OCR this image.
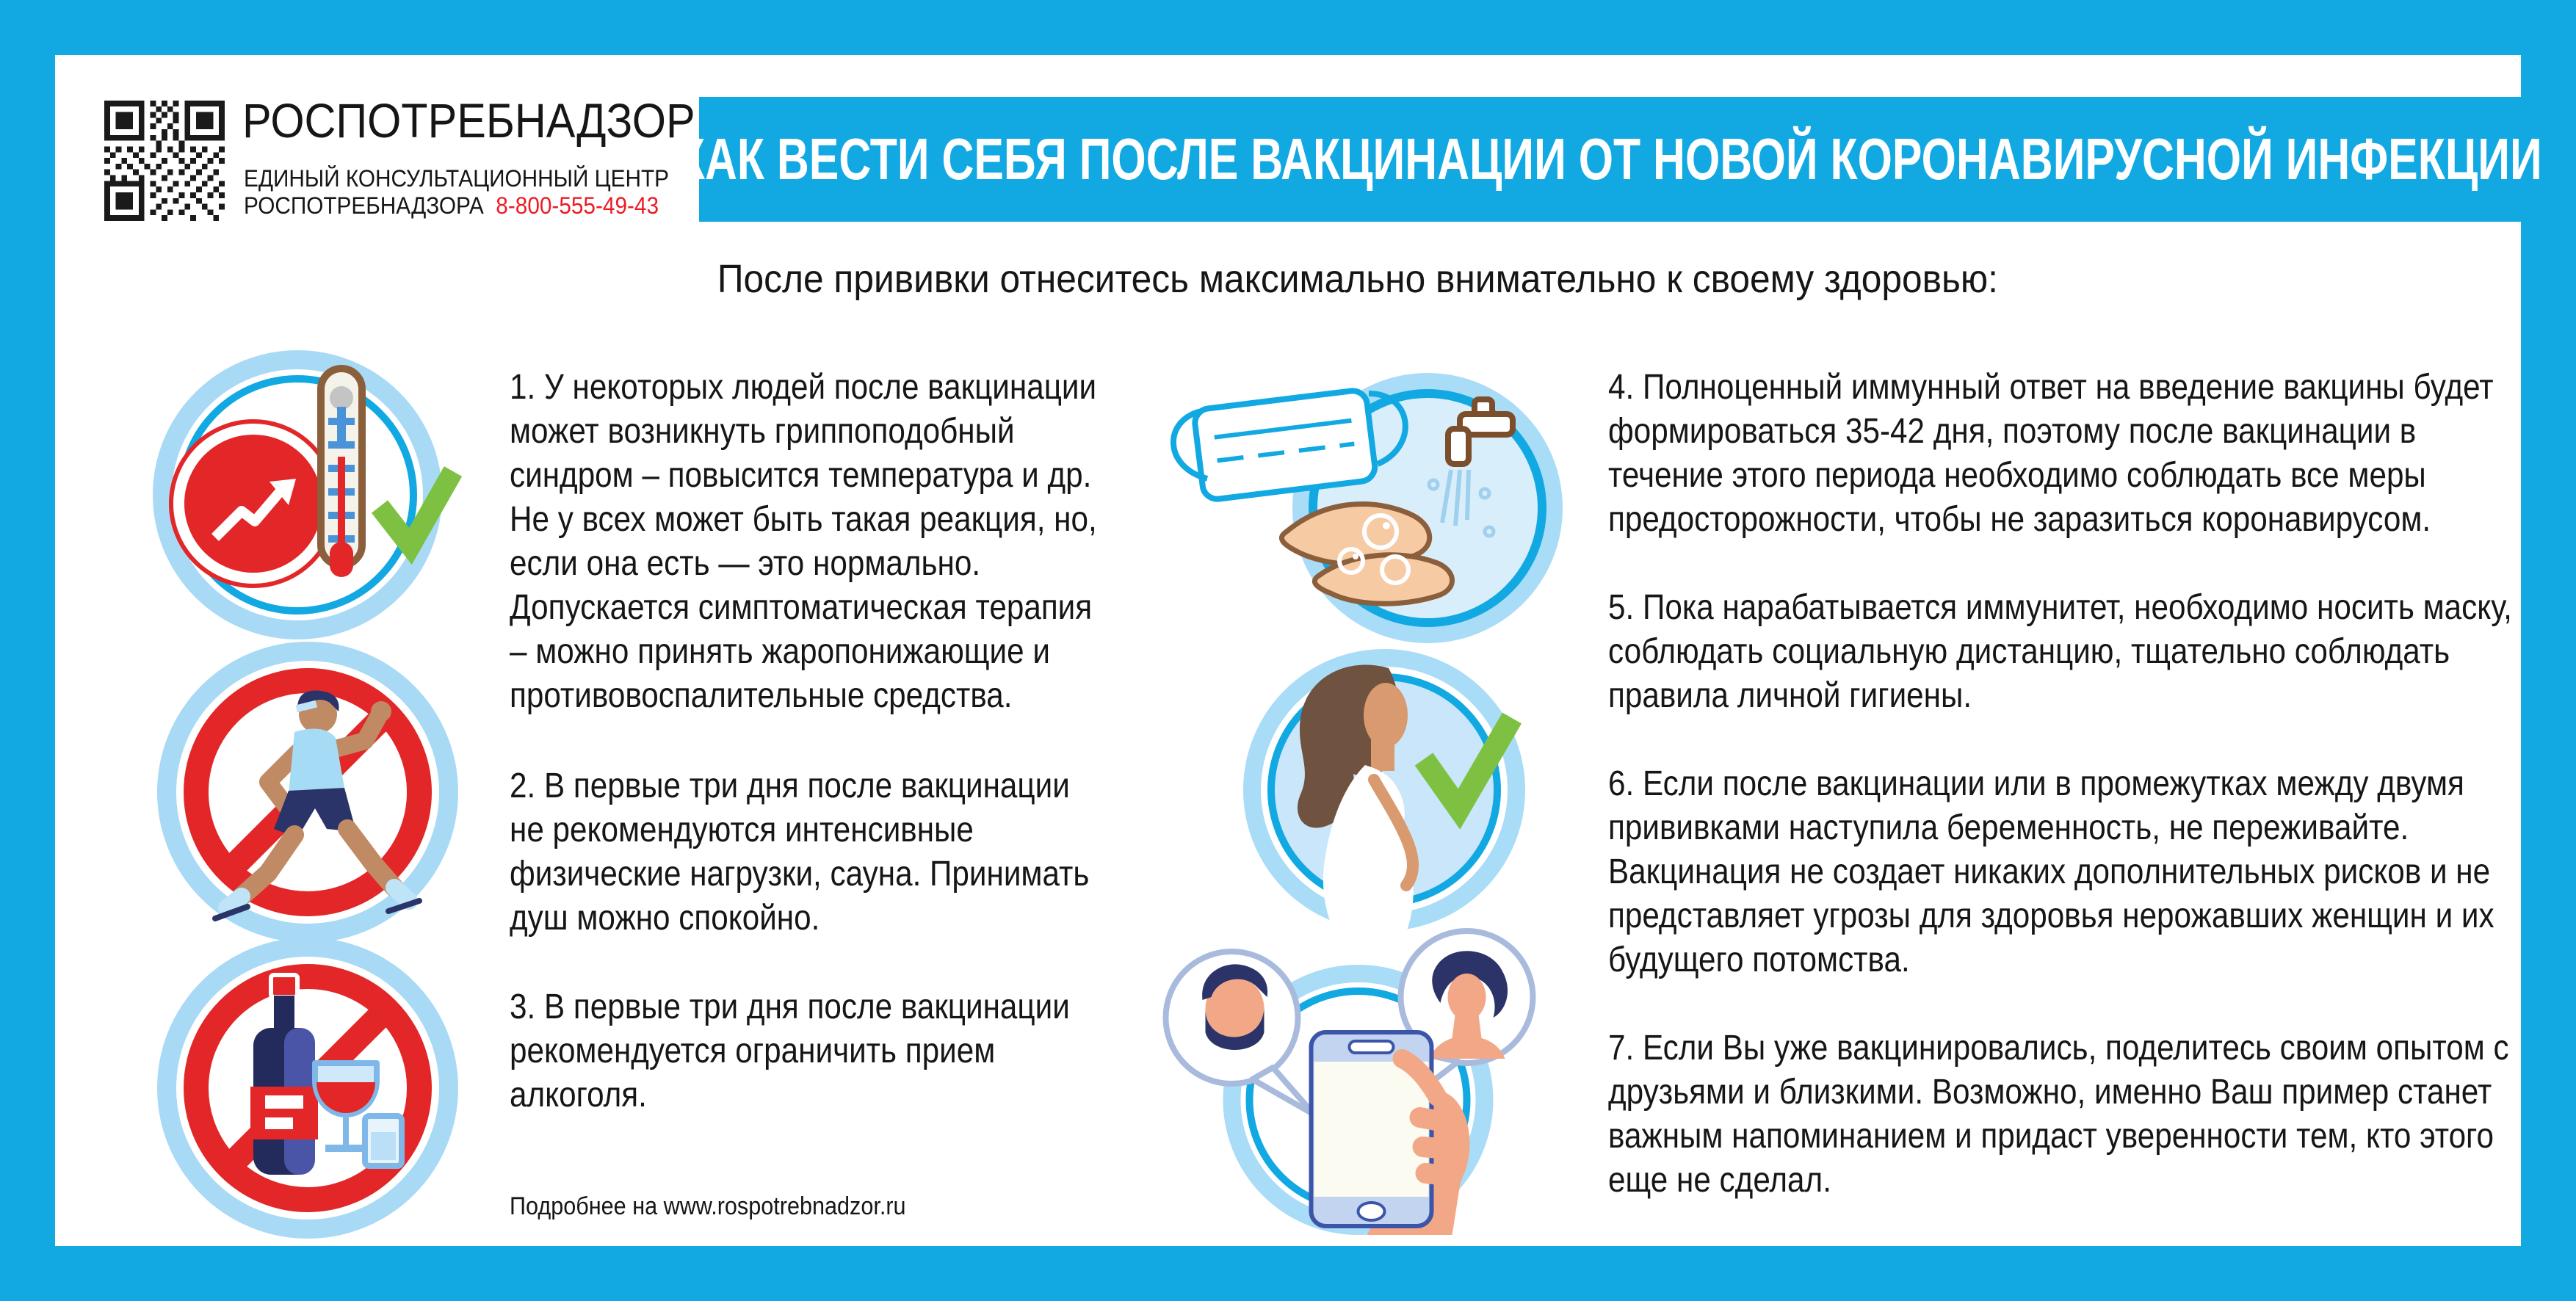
РОСПОТРЕБНАДЗОР
ЕДИНЫЙ КОНСУЛЬТАЦИОННЫЙ ЦЕНТР
РОСПОТРЕБНАДЗОРА 8-800-555-49-43
КАК ВЕСТИ СЕБЯ ПОСЛЕ ВАКЦИНАЦИИ ОТ НОВОЙ КОРОНАВИРУСНОЙ ИНФЕКЦИИ
После прививки отнеситесь максимально внимательно к своему здоровью:

1. У некоторых людей после вакцинации может возникнуть гриппоподобный синдром – повысится температура и др. Не у всех может быть такая реакция, но, если она есть — это нормально. Допускается симптоматическая терапия – можно принять жаропонижающие и противовоспалительные средства.

2. В первые три дня после вакцинации не рекомендуются интенсивные физические нагрузки, сауна. Принимать душ можно спокойно.

3. В первые три дня после вакцинации рекомендуется ограничить прием алкоголя.

4. Полноценный иммунный ответ на введение вакцины будет формироваться 35-42 дня, поэтому после вакцинации в течение этого периода необходимо соблюдать все меры предосторожности, чтобы не заразиться коронавирусом.

5. Пока нарабатывается иммунитет, необходимо носить маску, соблюдать социальную дистанцию, тщательно соблюдать правила личной гигиены.

6. Если после вакцинации или в промежутках между двумя прививками наступила беременность, не переживайте. Вакцинация не создает никаких дополнительных рисков и не представляет угрозы для здоровья нерожавших женщин и их будущего потомства.

7. Если Вы уже вакцинировались, поделитесь своим опытом с друзьями и близкими. Возможно, именно Ваш пример станет важным напоминанием и придаст уверенности тем, кто этого еще не сделал.

Подробнее на www.rospotrebnadzor.ru
